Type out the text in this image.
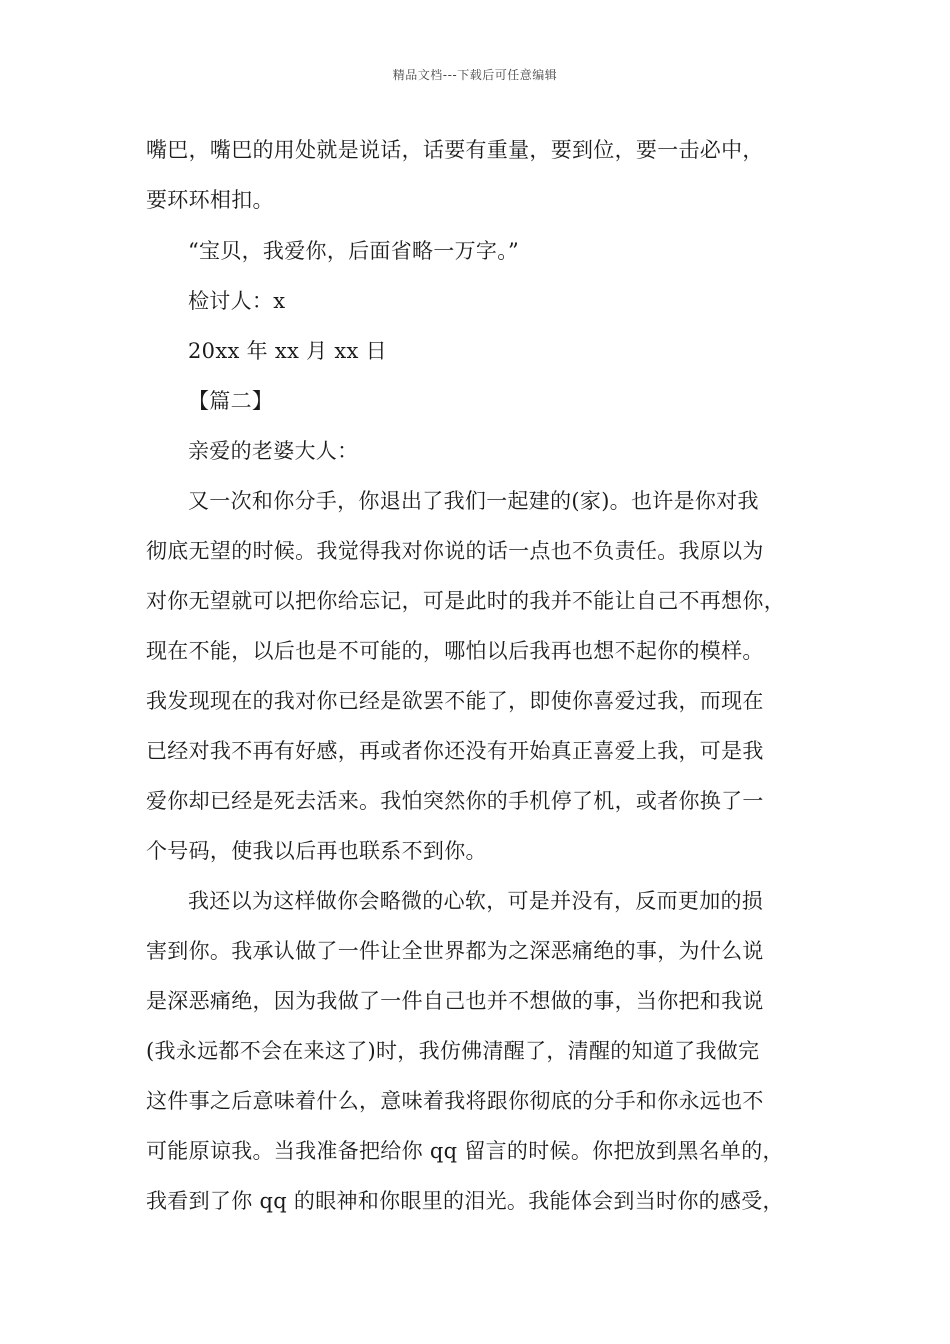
精品文档---下载后可任意编辑
嘴巴，嘴巴的用处就是说话，话要有重量，要到位，要一击必中，
要环环相扣。
“宝贝，我爱你，后面省略一万字。”
检讨人：x
20xx 年 xx 月 xx 日
【篇二】
亲爱的老婆大人：
又一次和你分手，你退出了我们一起建的(家)。也许是你对我
彻底无望的时候。我觉得我对你说的话一点也不负责任。我原以为
对你无望就可以把你给忘记，可是此时的我并不能让自己不再想你，
现在不能，以后也是不可能的，哪怕以后我再也想不起你的模样。
我发现现在的我对你已经是欲罢不能了，即使你喜爱过我，而现在
已经对我不再有好感，再或者你还没有开始真正喜爱上我，可是我
爱你却已经是死去活来。我怕突然你的手机停了机，或者你换了一
个号码，使我以后再也联系不到你。
我还以为这样做你会略微的心软，可是并没有，反而更加的损
害到你。我承认做了一件让全世界都为之深恶痛绝的事，为什么说
是深恶痛绝，因为我做了一件自己也并不想做的事，当你把和我说
(我永远都不会在来这了)时，我仿佛清醒了，清醒的知道了我做完
这件事之后意味着什么，意味着我将跟你彻底的分手和你永远也不
可能原谅我。当我准备把给你 qq 留言的时候。你把放到黑名单的，
我看到了你 qq 的眼神和你眼里的泪光。我能体会到当时你的感受，
